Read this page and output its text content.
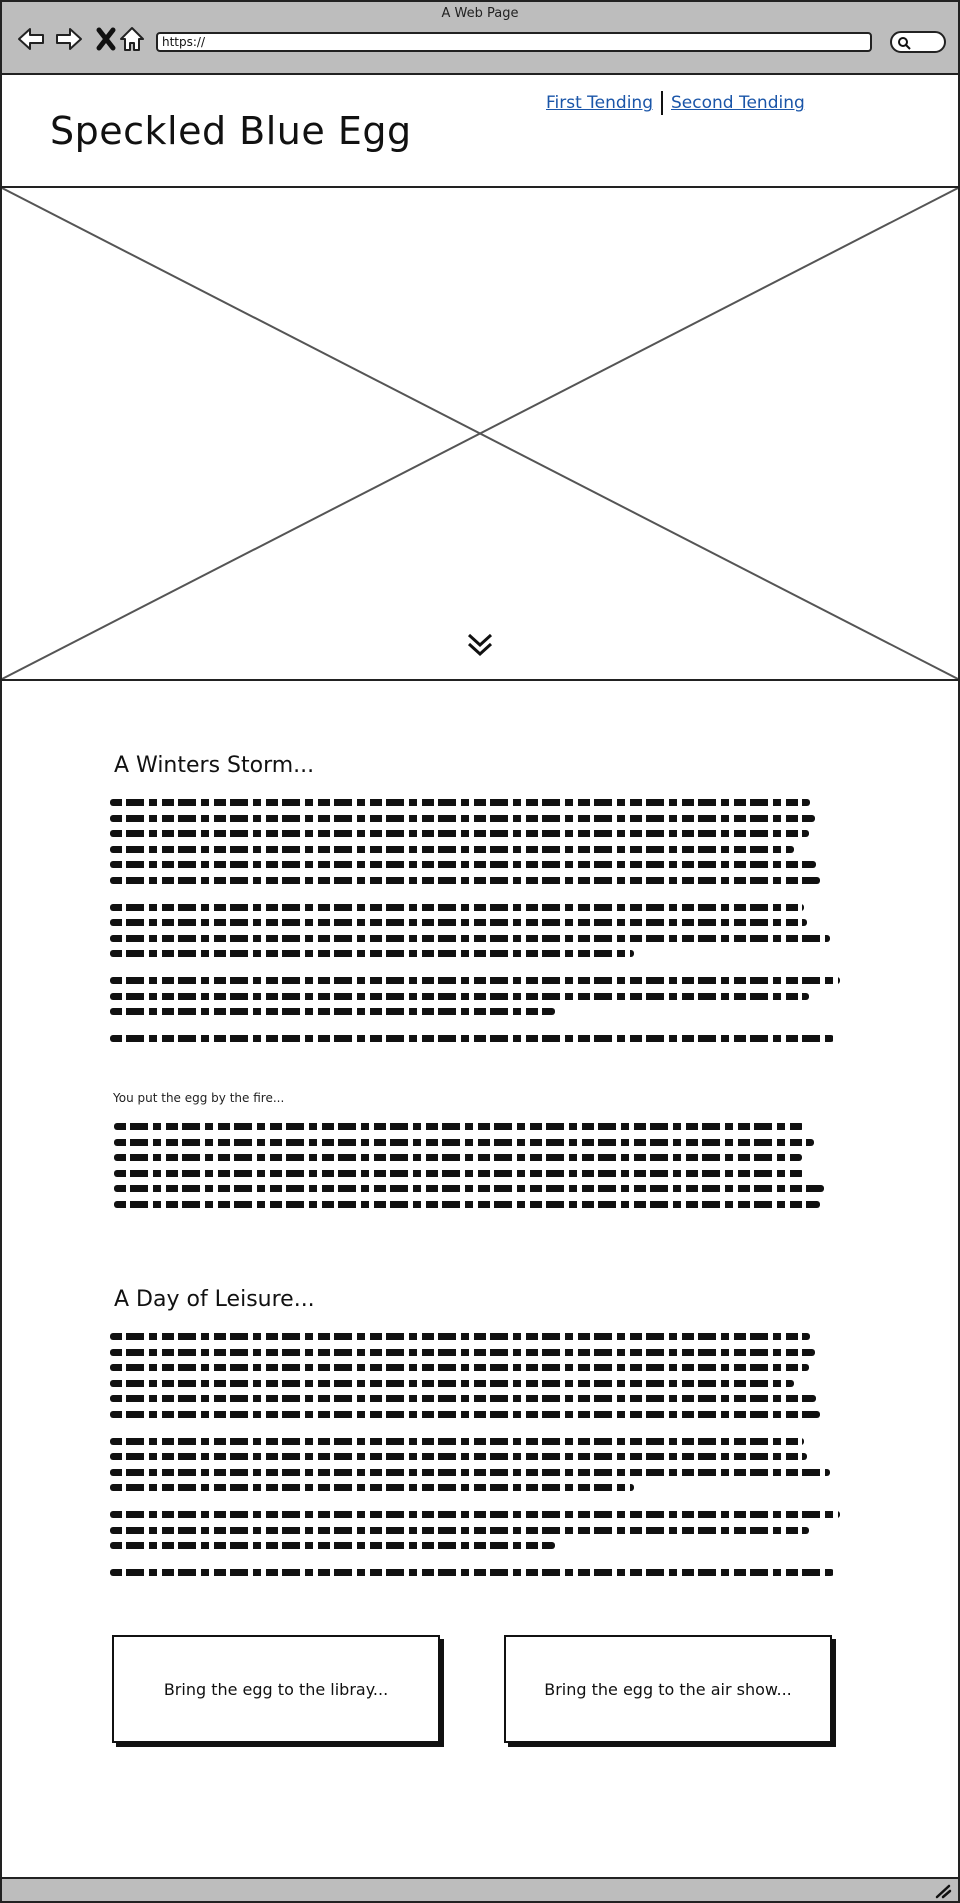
A Web Page
https://
Speckled Blue Egg
First Tending Second Tending
A Winters Storm...
You put the egg by the fire...
A Day of Leisure...
Bring the egg to the libray...	Bring the egg to the air show...
